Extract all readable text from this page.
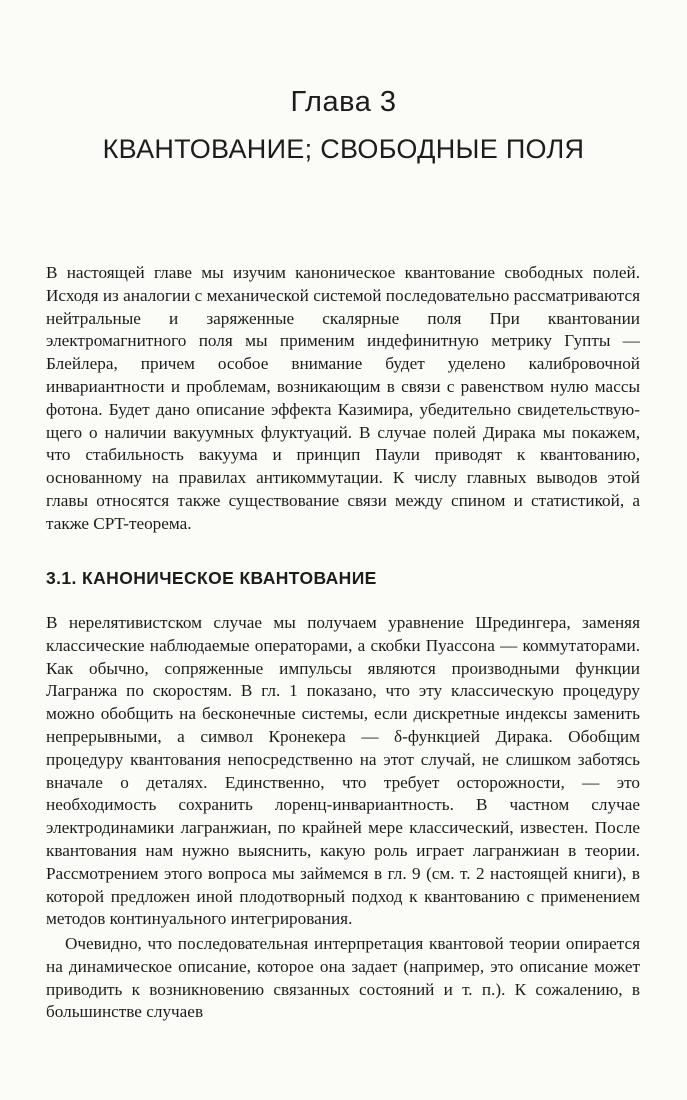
Глава 3
КВАНТОВАНИЕ; СВОБОДНЫЕ ПОЛЯ
В настоящей главе мы изучим каноническое квантование свободных полей. Исходя из аналогии с механической системой последовательно рассматриваются нейтральные и заряженные скалярные поля При квантовании электромагнитного поля мы применим индефинитную метрику Гупты — Блейлера, причем особое внимание будет уделено калибровочной инвариантности и проблемам, возникающим в связи с равенством нулю массы фотона. Будет дано описание эффекта Казимира, убедительно свидетельствующего о наличии вакуумных флуктуаций. В случае полей Дирака мы покажем, что стабильность вакуума и принцип Паули приводят к квантованию, основанному на правилах антикоммутации. К числу главных выводов этой главы относятся также существование связи между спином и статистикой, а также CPT-теорема.
3.1. КАНОНИЧЕСКОЕ КВАНТОВАНИЕ
В нерелятивистском случае мы получаем уравнение Шредингера, заменяя классические наблюдаемые операторами, а скобки Пуассона — коммутаторами. Как обычно, сопряженные импульсы являются производными функции Лагранжа по скоростям. В гл. 1 показано, что эту классическую процедуру можно обобщить на бесконечные системы, если дискретные индексы заменить непрерывными, а символ Кронекера — δ-функцией Дирака. Обобщим процедуру квантования непосредственно на этот случай, не слишком заботясь вначале о деталях. Единственно, что требует осторожности, — это необходимость сохранить лоренц-инвариантность. В частном случае электродинамики лагранжиан, по крайней мере классический, известен. После квантования нам нужно выяснить, какую роль играет лагранжиан в теории. Рассмотрением этого вопроса мы займемся в гл. 9 (см. т. 2 настоящей книги), в которой предложен иной плодотворный подход к квантованию с применением методов континуального интегрирования.
Очевидно, что последовательная интерпретация квантовой теории опирается на динамическое описание, которое она задает (например, это описание может приводить к возникновению связанных состояний и т. п.). К сожалению, в большинстве случаев
